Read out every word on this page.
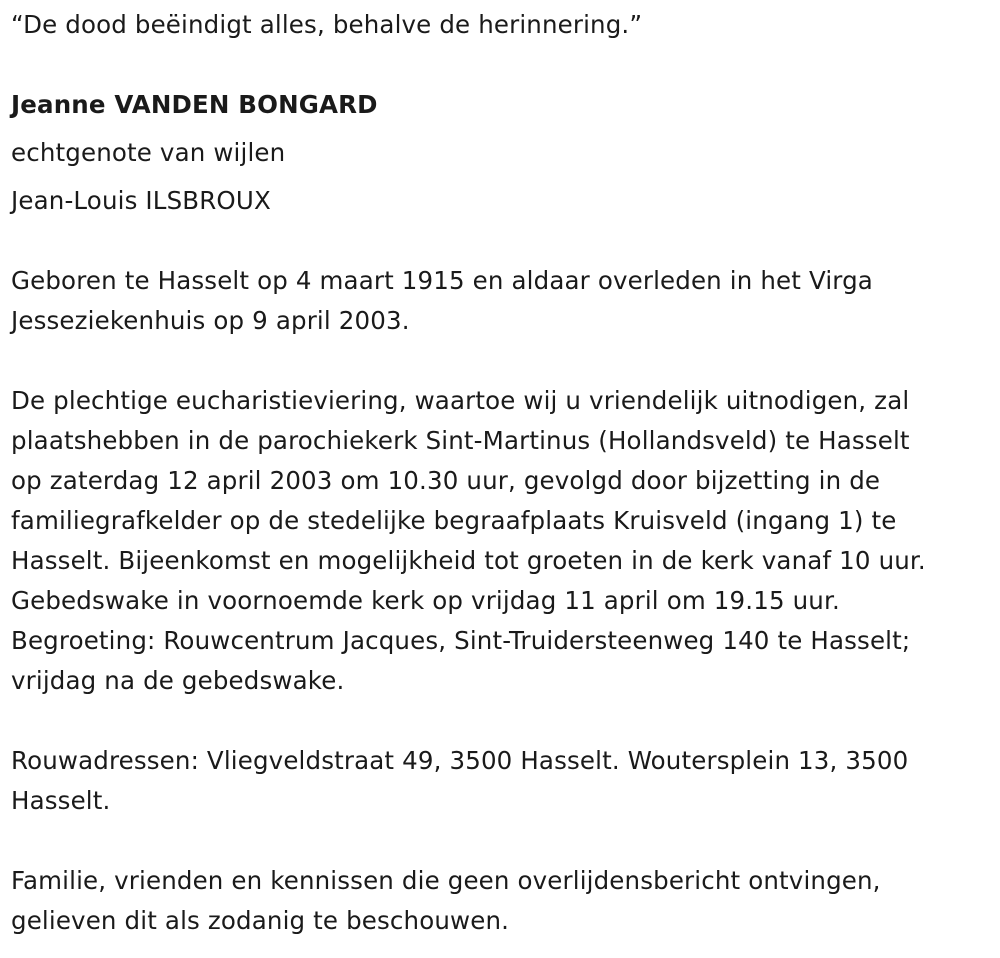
“De dood beëindigt alles, behalve de herinnering.”
Jeanne VANDEN BONGARD
echtgenote van wijlen
Jean-Louis ILSBROUX
Geboren te Hasselt op 4 maart 1915 en aldaar overleden in het Virga
Jesseziekenhuis op 9 april 2003.
De plechtige eucharistieviering, waartoe wij u vriendelijk uitnodigen, zal
plaatshebben in de parochiekerk Sint-Martinus (Hollandsveld) te Hasselt
op zaterdag 12 april 2003 om 10.30 uur, gevolgd door bijzetting in de
familiegrafkelder op de stedelijke begraafplaats Kruisveld (ingang 1) te
Hasselt. Bijeenkomst en mogelijkheid tot groeten in de kerk vanaf 10 uur.
Gebedswake in voornoemde kerk op vrijdag 11 april om 19.15 uur.
Begroeting: Rouwcentrum Jacques, Sint-Truidersteenweg 140 te Hasselt;
vrijdag na de gebedswake.
Rouwadressen: Vliegveldstraat 49, 3500 Hasselt. Woutersplein 13, 3500
Hasselt.
Familie, vrienden en kennissen die geen overlijdensbericht ontvingen,
gelieven dit als zodanig te beschouwen.
